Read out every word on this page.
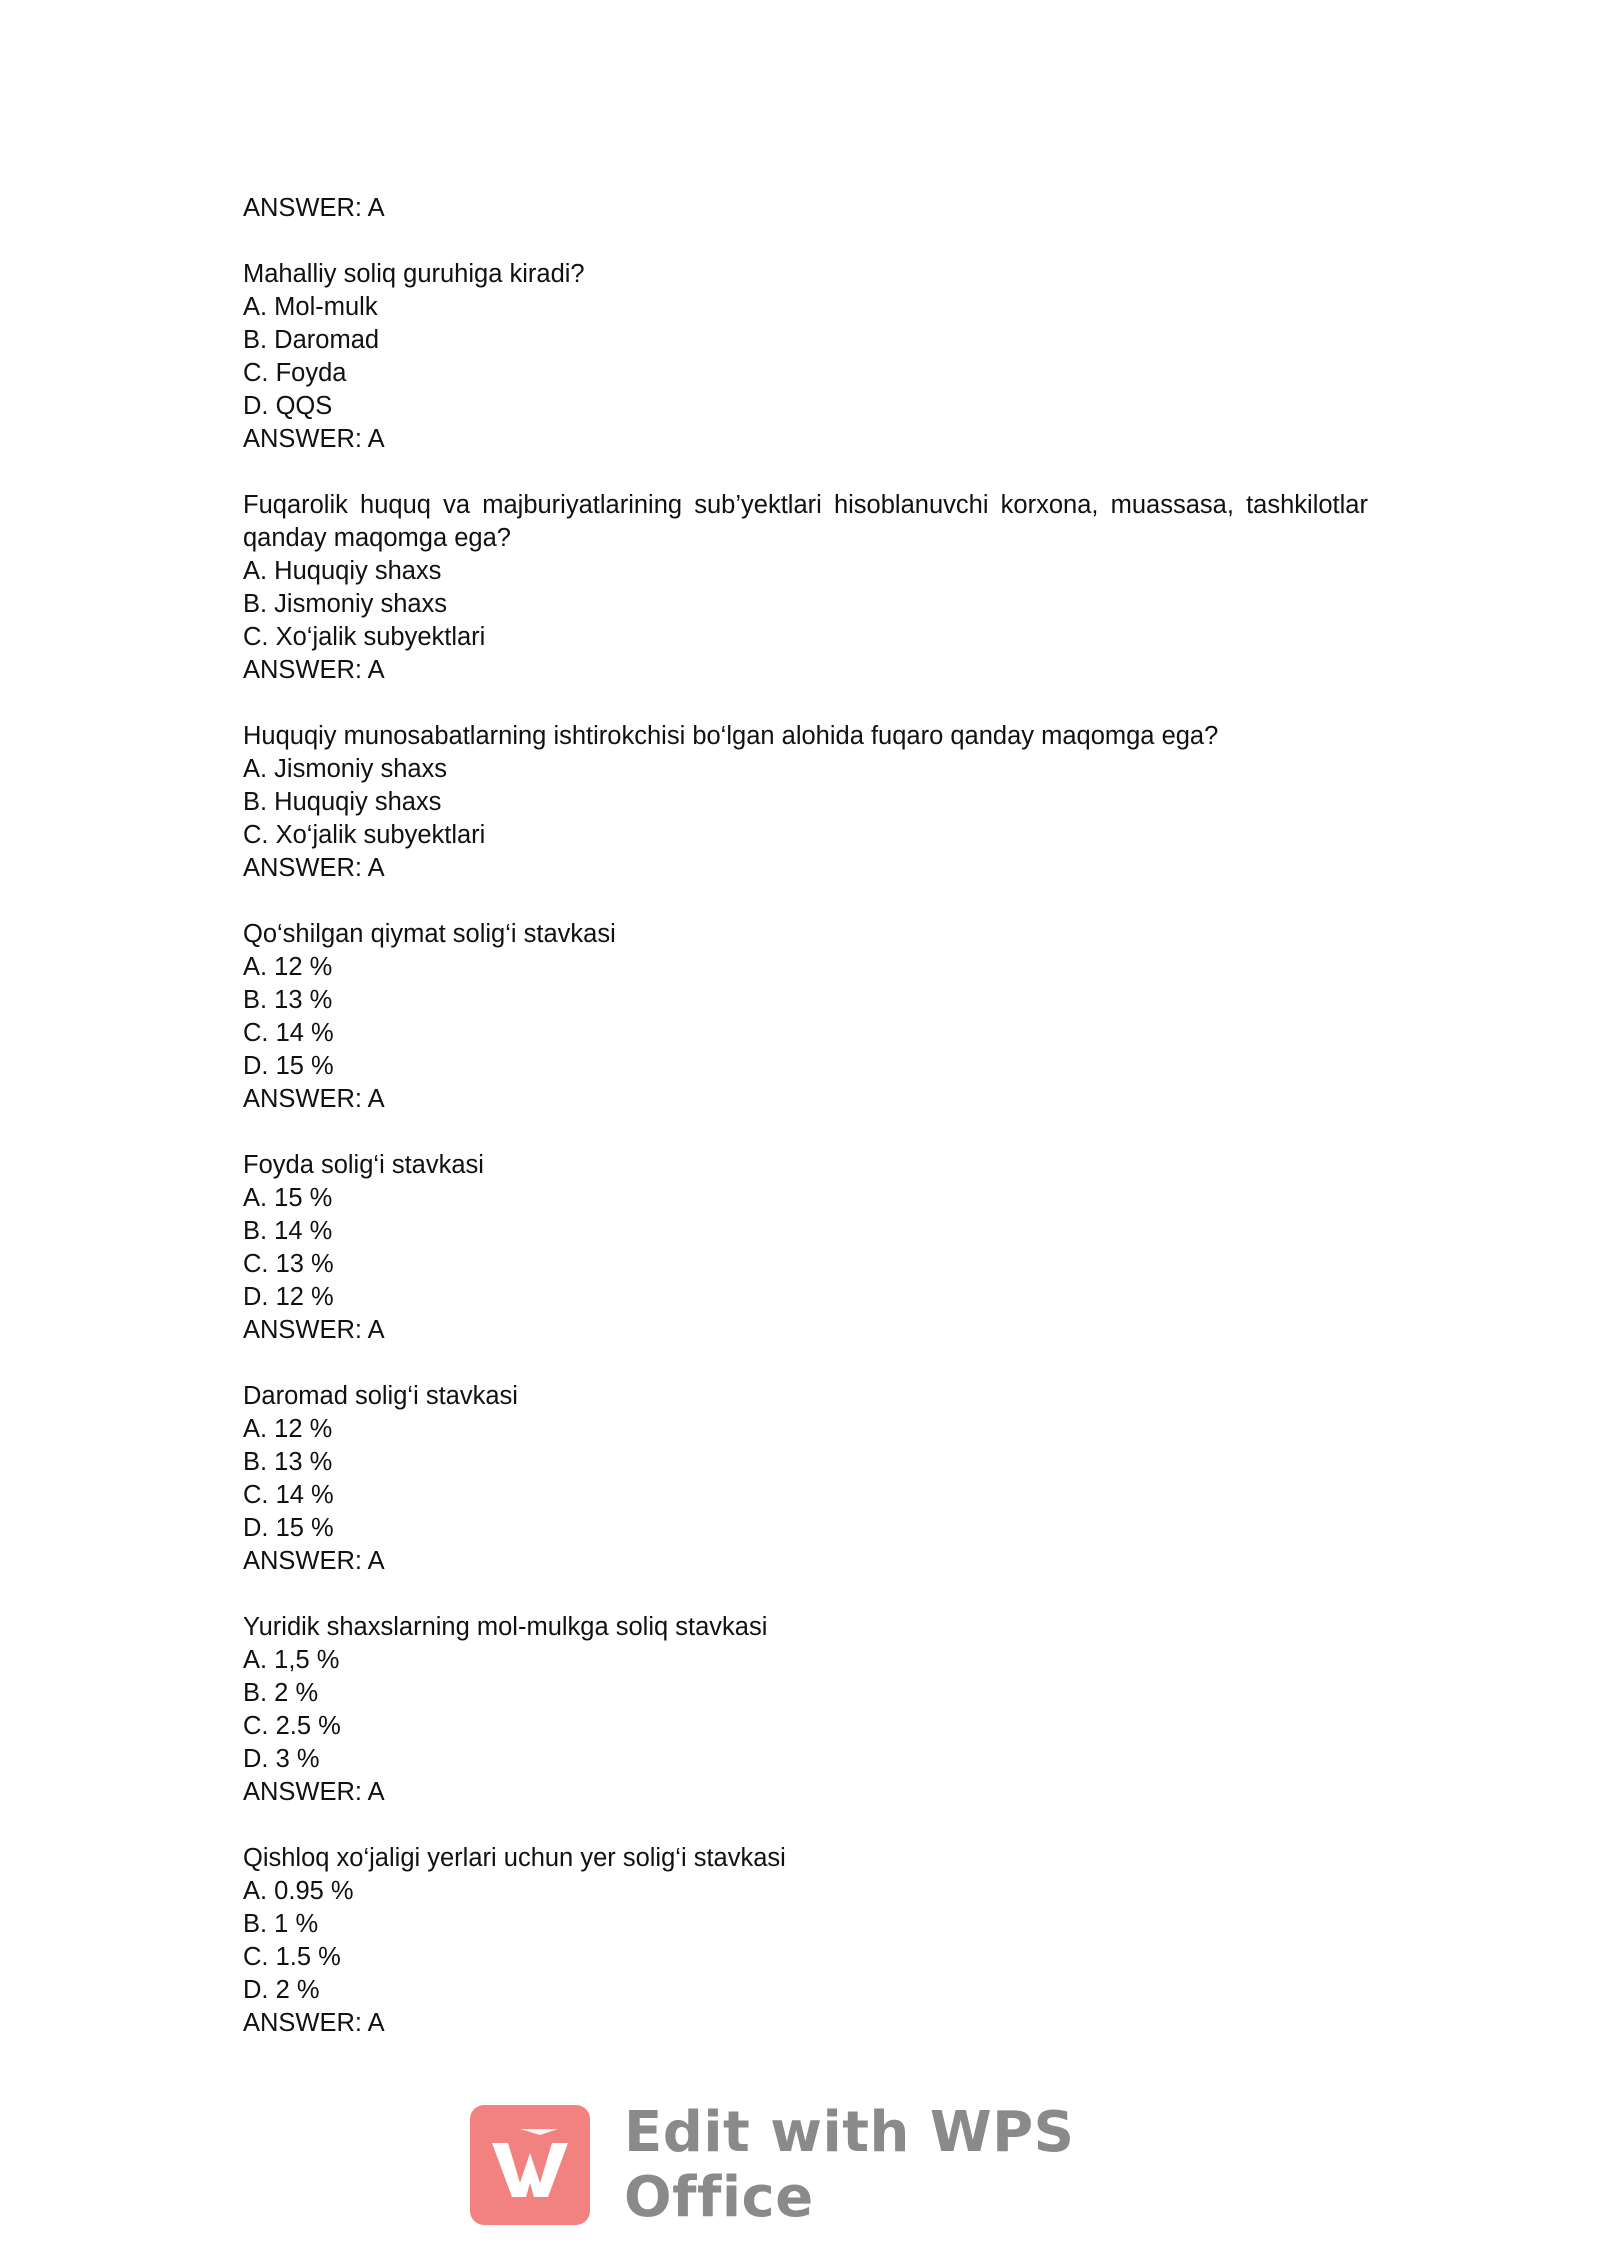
ANSWER: A
Mahalliy soliq guruhiga kiradi?
A. Mol-mulk
B. Daromad
C. Foyda
D. QQS
ANSWER: A
Fuqarolik huquq va majburiyatlarining sub’yektlari hisoblanuvchi korxona, muassasa, tashkilotlar qanday maqomga ega?
A. Huquqiy shaxs
B. Jismoniy shaxs
C. Xo‘jalik subyektlari
ANSWER: A
Huquqiy munosabatlarning ishtirokchisi bo‘lgan alohida fuqaro qanday maqomga ega?
A. Jismoniy shaxs
B. Huquqiy shaxs
C. Xo‘jalik subyektlari
ANSWER: A
Qo‘shilgan qiymat solig‘i stavkasi
A. 12 %
B. 13 %
C. 14 %
D. 15 %
ANSWER: A
Foyda solig‘i stavkasi
A. 15 %
B. 14 %
C. 13 %
D. 12 %
ANSWER: A
Daromad solig‘i stavkasi
A. 12 %
B. 13 %
C. 14 %
D. 15 %
ANSWER: A
Yuridik shaxslarning mol-mulkga soliq stavkasi
A. 1,5 %
B. 2 %
C. 2.5 %
D. 3 %
ANSWER: A
Qishloq xo‘jaligi yerlari uchun yer solig‘i stavkasi
A. 0.95 %
B. 1 %
C. 1.5 %
D. 2 %
ANSWER: A
Edit with WPS Office
